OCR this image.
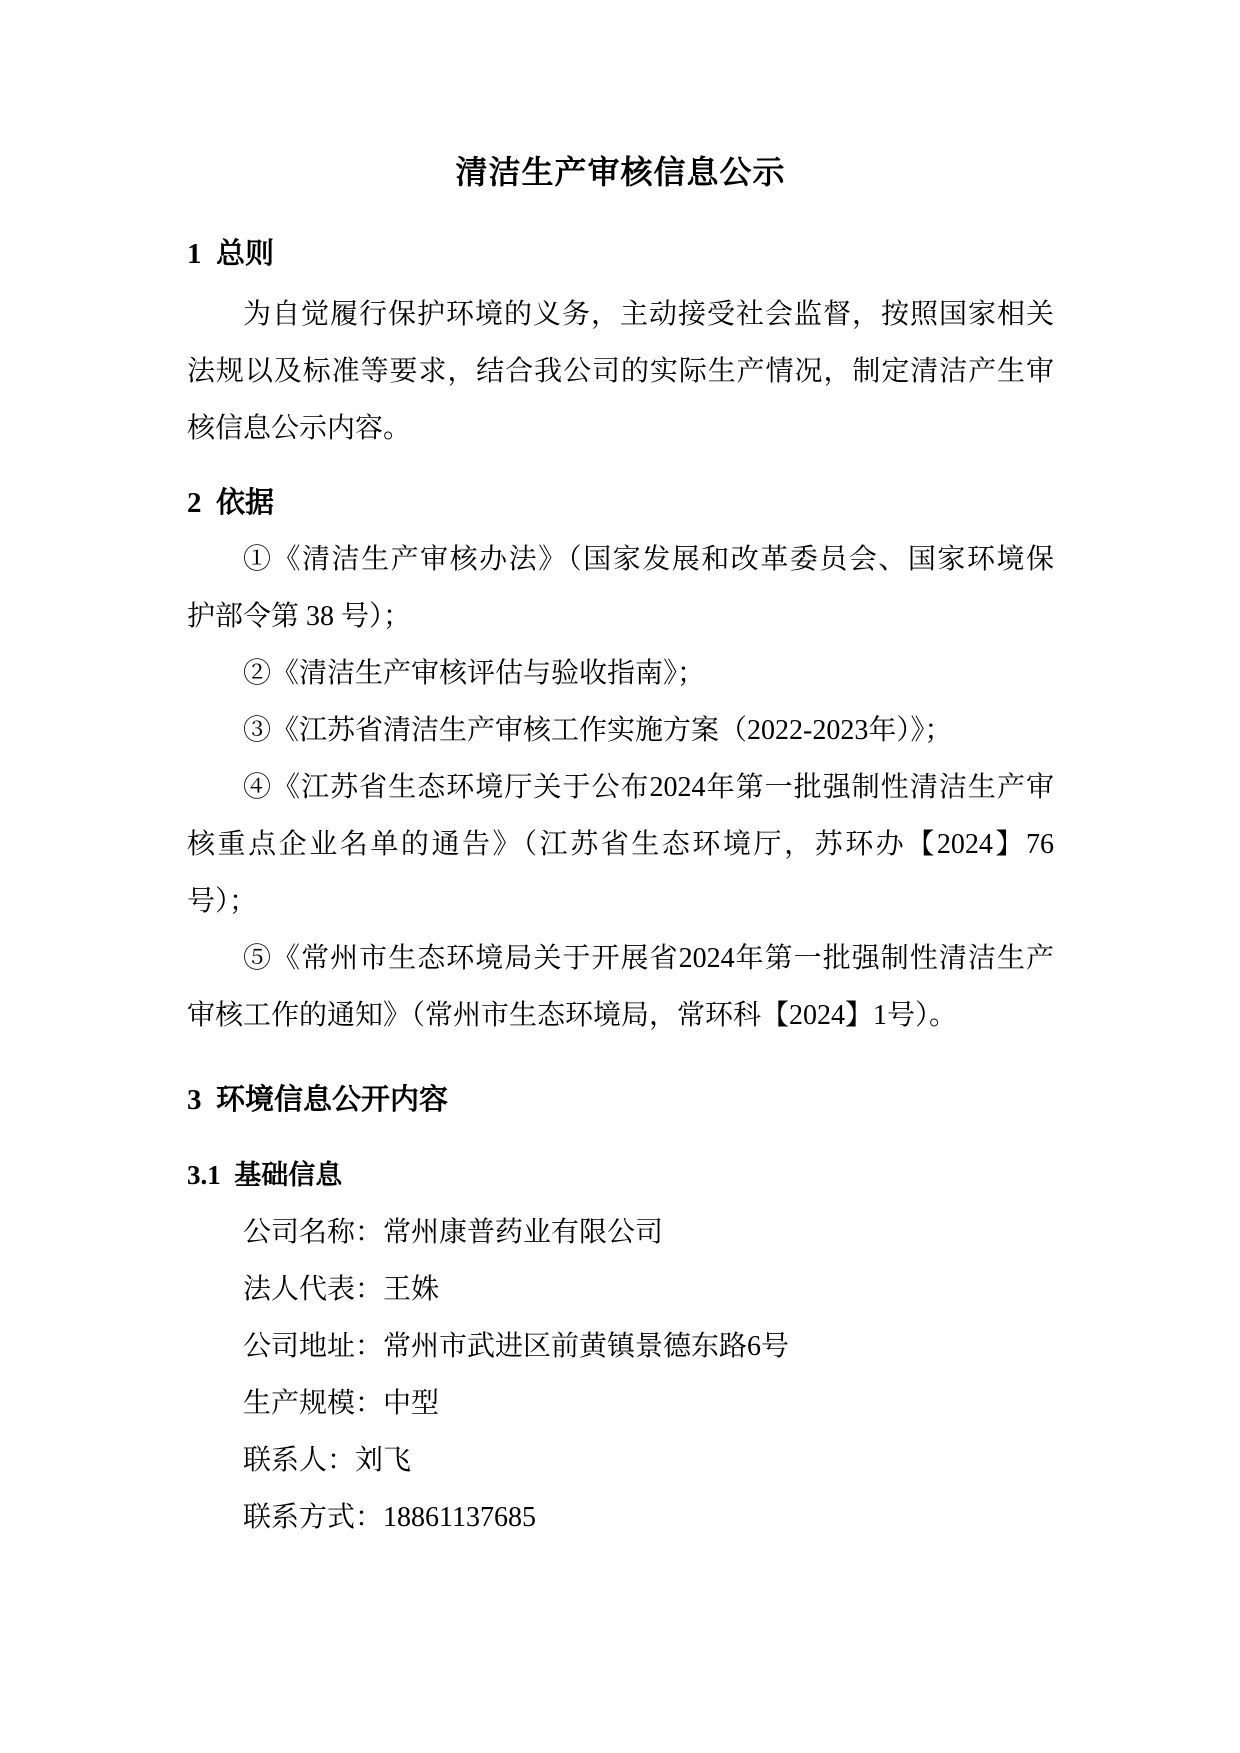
清洁生产审核信息公示
1  总则
为自觉履行保护环境的义务，主动接受社会监督，按照国家相关
法规以及标准等要求，结合我公司的实际生产情况，制定清洁产生审
核信息公示内容。
2  依据
①《清洁生产审核办法》（国家发展和改革委员会、国家环境保
护部令第 38 号）；
②《清洁生产审核评估与验收指南》；
③《江苏省清洁生产审核工作实施方案（2022-2023年）》；
④《江苏省生态环境厅关于公布2024年第一批强制性清洁生产审
核重点企业名单的通告》（江苏省生态环境厅，苏环办【2024】76
号）；
⑤《常州市生态环境局关于开展省2024年第一批强制性清洁生产
审核工作的通知》（常州市生态环境局，常环科【2024】1号）。
3  环境信息公开内容
3.1  基础信息
公司名称：常州康普药业有限公司
法人代表：王姝
公司地址：常州市武进区前黄镇景德东路6号
生产规模：中型
联系人：刘飞
联系方式：18861137685
